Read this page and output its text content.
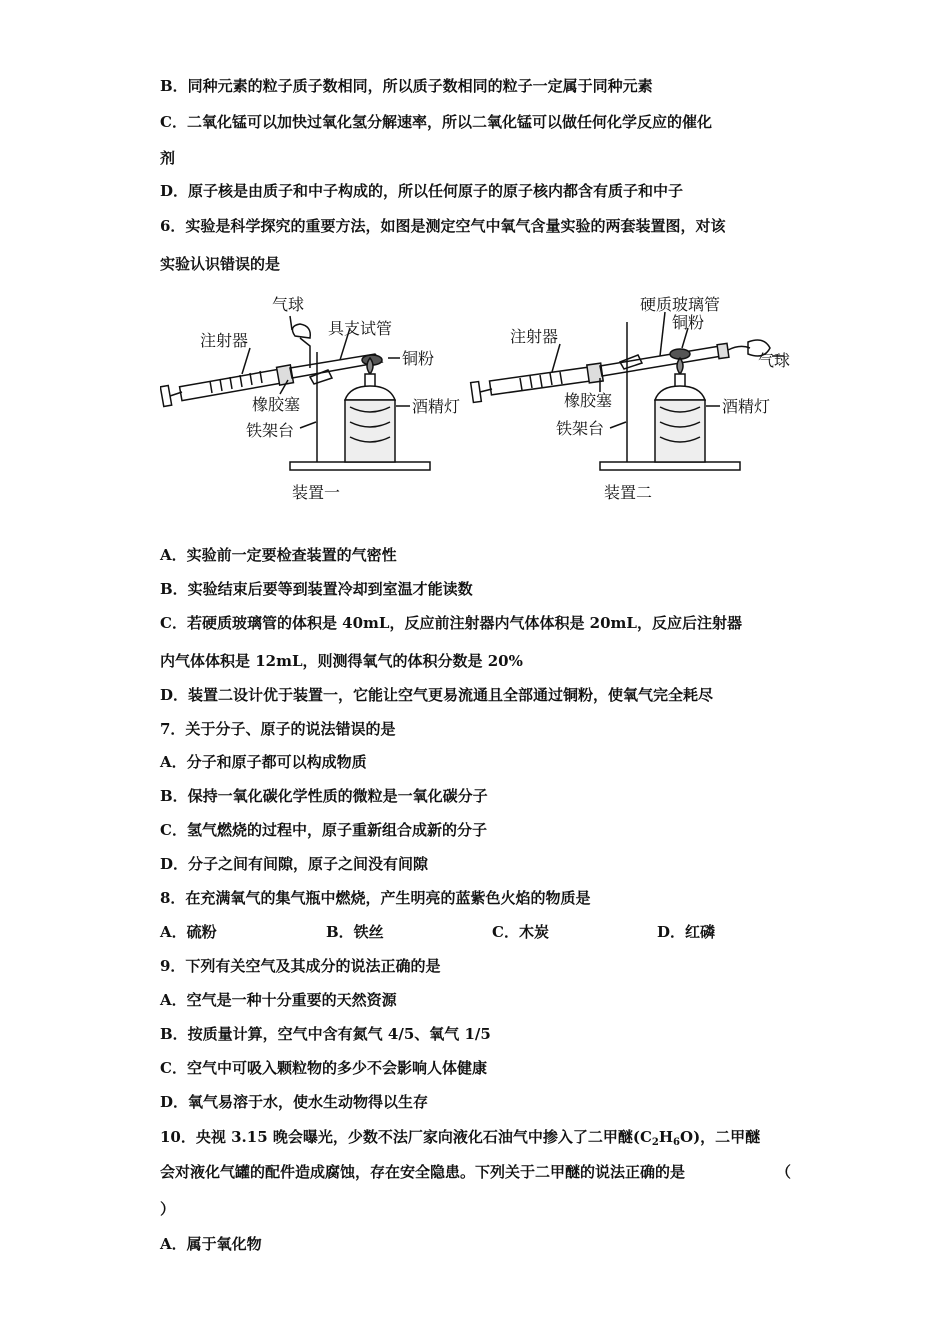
B．同种元素的粒子质子数相同，所以质子数相同的粒子一定属于同种元素
C．二氧化锰可以加快过氧化氢分解速率，所以二氧化锰可以做任何化学反应的催化
剂
D．原子核是由质子和中子构成的，所以任何原子的原子核内都含有质子和中子
6．实验是科学探究的重要方法，如图是测定空气中氧气含量实验的两套装置图，对该
实验认识错误的是
气球
具支试管
注射器
铜粉
橡胶塞	酒精灯
铁架台
装置一
硬质玻璃管
铜粉
注射器
气球
橡胶塞	酒精灯
铁架台
装置二
A．实验前一定要检查装置的气密性
B．实验结束后要等到装置冷却到室温才能读数
C．若硬质玻璃管的体积是 40mL，反应前注射器内气体体积是 20mL，反应后注射器
内气体体积是 12mL，则测得氧气的体积分数是 20%
D．装置二设计优于装置一，它能让空气更易流通且全部通过铜粉，使氧气完全耗尽
7．关于分子、原子的说法错误的是
A．分子和原子都可以构成物质
B．保持一氧化碳化学性质的微粒是一氧化碳分子
C．氢气燃烧的过程中，原子重新组合成新的分子
D．分子之间有间隙，原子之间没有间隙
8．在充满氧气的集气瓶中燃烧，产生明亮的蓝紫色火焰的物质是
A．硫粉	B．铁丝	C．木炭	D．红磷
9．下列有关空气及其成分的说法正确的是
A．空气是一种十分重要的天然资源
B．按质量计算，空气中含有氮气 4/5、氧气 1/5
C．空气中可吸入颗粒物的多少不会影响人体健康
D．氧气易溶于水，使水生动物得以生存
10．央视 3.15 晚会曝光，少数不法厂家向液化石油气中掺入了二甲醚$(C_2H_6O)$，二甲醚
会对液化气罐的配件造成腐蚀，存在安全隐患。下列关于二甲醚的说法正确的是	（
）
A．属于氧化物
